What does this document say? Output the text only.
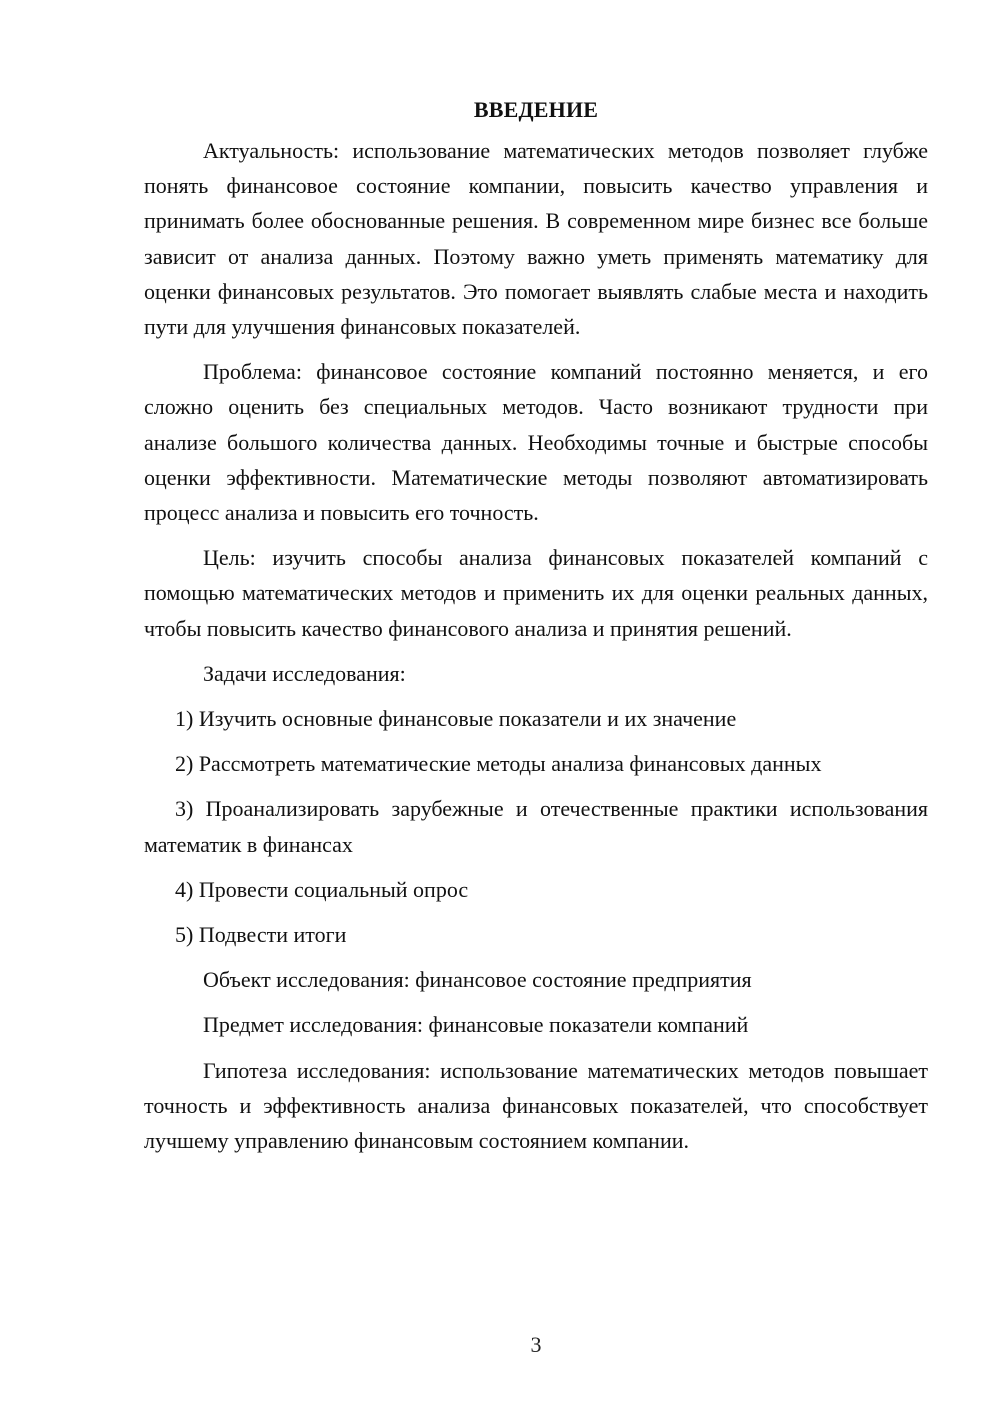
ВВЕДЕНИЕ

Актуальность: использование математических методов позволяет глубже понять финансовое состояние компании, повысить качество управления и принимать более обоснованные решения. В современном мире бизнес все больше зависит от анализа данных. Поэтому важно уметь применять математику для оценки финансовых результатов. Это помогает выявлять слабые места и находить пути для улучшения финансовых показателей.

Проблема: финансовое состояние компаний постоянно меняется, и его сложно оценить без специальных методов. Часто возникают трудности при анализе большого количества данных. Необходимы точные и быстрые способы оценки эффективности. Математические методы позволяют автоматизировать процесс анализа и повысить его точность.

Цель: изучить способы анализа финансовых показателей компаний с помощью математических методов и применить их для оценки реальных данных, чтобы повысить качество финансового анализа и принятия решений.

Задачи исследования:

1) Изучить основные финансовые показатели и их значение

2) Рассмотреть математические методы анализа финансовых данных

3) Проанализировать зарубежные и отечественные практики использования математик в финансах

4) Провести социальный опрос

5) Подвести итоги

Объект исследования: финансовое состояние предприятия

Предмет исследования: финансовые показатели компаний

Гипотеза исследования: использование математических методов повышает точность и эффективность анализа финансовых показателей, что способствует лучшему управлению финансовым состоянием компании.

3
